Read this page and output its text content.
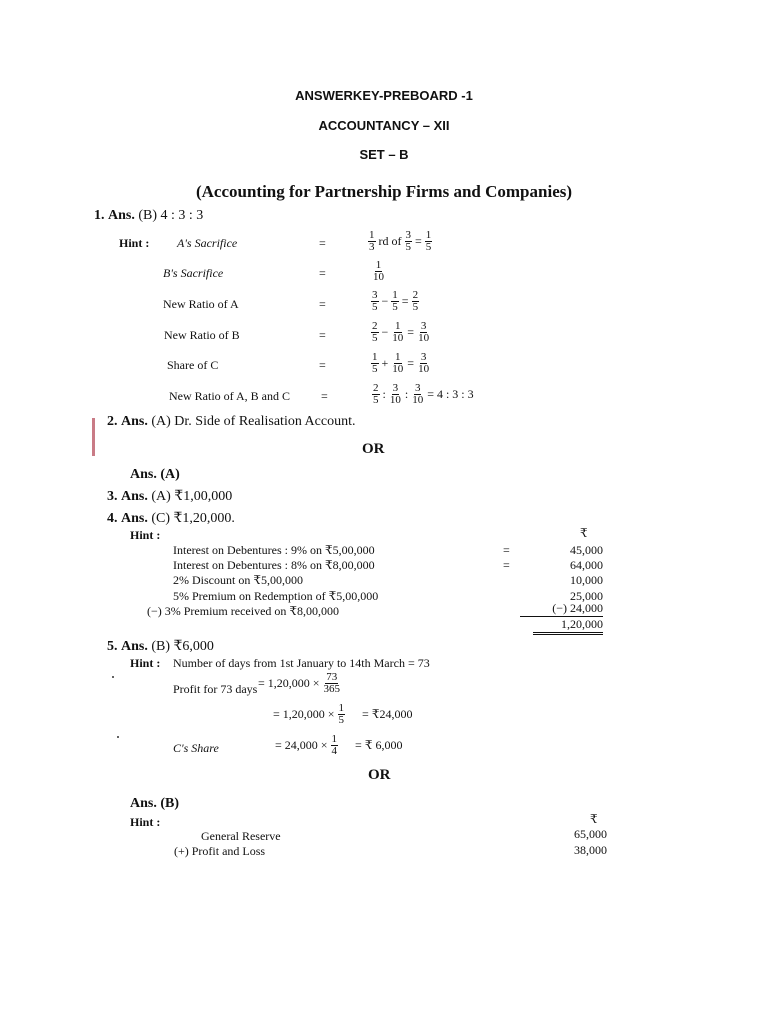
ANSWERKEY-PREBOARD -1
ACCOUNTANCY – XII
SET – B
(Accounting for Partnership Firms and Companies)
1. Ans. (B) 4 : 3 : 3
Hint : A's Sacrifice	=	$\frac{1}{3}$ rd of $\frac{3}{5} = \frac{1}{5}$
B's Sacrifice	=	$\frac{1}{10}$
New Ratio of A	=	$\frac{3}{5} - \frac{1}{5} = \frac{2}{5}$
New Ratio of B	=	$\frac{2}{5} - \frac{1}{10} = \frac{3}{10}$
Share of C	=	$\frac{1}{5} + \frac{1}{10} = \frac{3}{10}$
New Ratio of A, B and C	=	$\frac{2}{5}$ : $\frac{3}{10}$ : $\frac{3}{10} = 4$ : 3 : 3
2. Ans. (A) Dr. Side of Realisation Account.
OR
Ans. (A)
3. Ans. (A) ₹1,00,000
4. Ans. (C) ₹1,20,000.
Hint :	₹
Interest on Debentures : 9% on ₹5,00,000	=	45,000
Interest on Debentures : 8% on ₹8,00,000	=	64,000
2% Discount on ₹5,00,000	10,000
5% Premium on Redemption of ₹5,00,000	25,000
(−) 3% Premium received on ₹8,00,000	(−) 24,000
1,20,000
5. Ans. (B) ₹6,000
Hint : Number of days from 1st January to 14th March = 73
Profit for 73 days = $1,20,000 \times \frac{73}{365}$
= $1,20,000 \times \frac{1}{5}$ = ₹24,000
C's Share	= $24,000 \times \frac{1}{4}$ = ₹ 6,000
OR
Ans. (B)
Hint :	₹
General Reserve	65,000
(+) Profit and Loss	38,000
